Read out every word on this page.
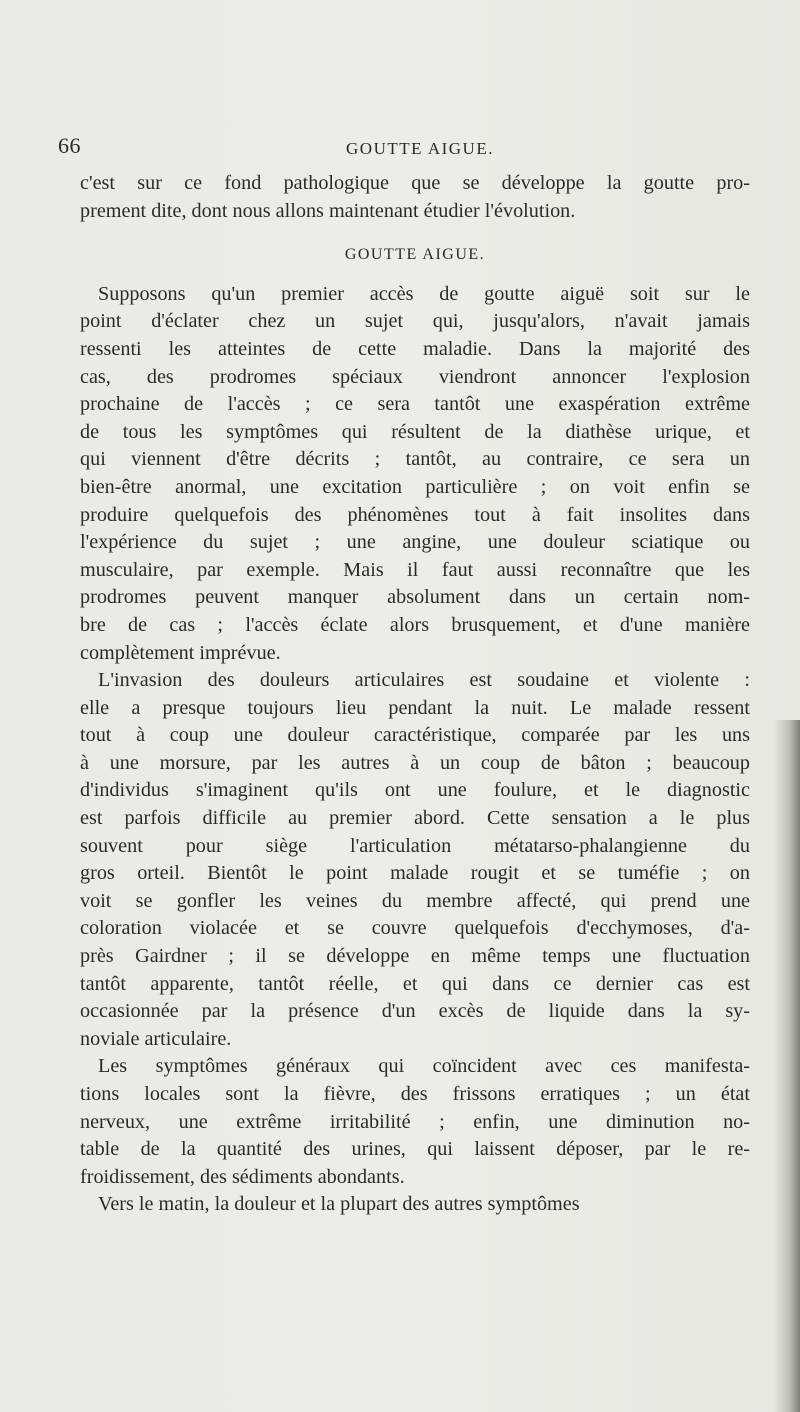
66	GOUTTE AIGUE.

c'est sur ce fond pathologique que se développe la goutte pro-
prement dite, dont nous allons maintenant étudier l'évolution.

GOUTTE AIGUE.

Supposons qu'un premier accès de goutte aiguë soit sur le
point d'éclater chez un sujet qui, jusqu'alors, n'avait jamais
ressenti les atteintes de cette maladie. Dans la majorité des
cas, des prodromes spéciaux viendront annoncer l'explosion
prochaine de l'accès ; ce sera tantôt une exaspération extrême
de tous les symptômes qui résultent de la diathèse urique, et
qui viennent d'être décrits ; tantôt, au contraire, ce sera un
bien-être anormal, une excitation particulière ; on voit enfin se
produire quelquefois des phénomènes tout à fait insolites dans
l'expérience du sujet ; une angine, une douleur sciatique ou
musculaire, par exemple. Mais il faut aussi reconnaître que les
prodromes peuvent manquer absolument dans un certain nom-
bre de cas ; l'accès éclate alors brusquement, et d'une manière
complètement imprévue.

L'invasion des douleurs articulaires est soudaine et violente :
elle a presque toujours lieu pendant la nuit. Le malade ressent
tout à coup une douleur caractéristique, comparée par les uns
à une morsure, par les autres à un coup de bâton ; beaucoup
d'individus s'imaginent qu'ils ont une foulure, et le diagnostic
est parfois difficile au premier abord. Cette sensation a le plus
souvent pour siège l'articulation métatarso-phalangienne du
gros orteil. Bientôt le point malade rougit et se tuméfie ; on
voit se gonfler les veines du membre affecté, qui prend une
coloration violacée et se couvre quelquefois d'ecchymoses, d'a-
près Gairdner ; il se développe en même temps une fluctuation
tantôt apparente, tantôt réelle, et qui dans ce dernier cas est
occasionnée par la présence d'un excès de liquide dans la sy-
noviale articulaire.

Les symptômes généraux qui coïncident avec ces manifesta-
tions locales sont la fièvre, des frissons erratiques ; un état
nerveux, une extrême irritabilité ; enfin, une diminution no-
table de la quantité des urines, qui laissent déposer, par le re-
froidissement, des sédiments abondants.

Vers le matin, la douleur et la plupart des autres symptômes
